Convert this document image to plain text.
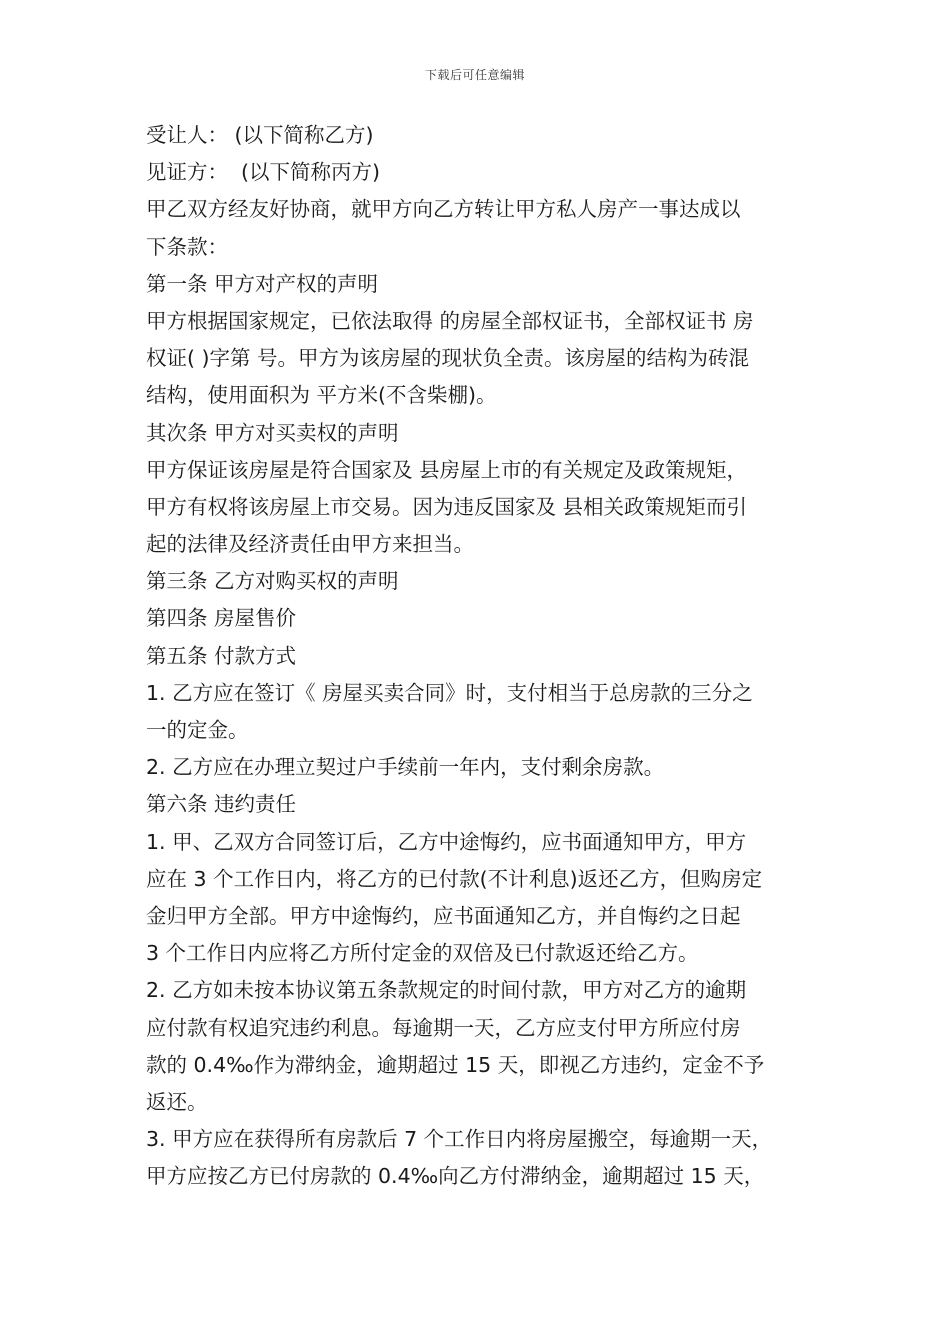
下载后可任意编辑
受让人： (以下简称乙方)
见证方：  (以下简称丙方)
甲乙双方经友好协商，就甲方向乙方转让甲方私人房产一事达成以
下条款：
第一条 甲方对产权的声明
甲方根据国家规定，已依法取得 的房屋全部权证书，全部权证书 房
权证( )字第 号。甲方为该房屋的现状负全责。该房屋的结构为砖混
结构，使用面积为 平方米(不含柴棚)。
其次条 甲方对买卖权的声明
甲方保证该房屋是符合国家及 县房屋上市的有关规定及政策规矩，
甲方有权将该房屋上市交易。因为违反国家及 县相关政策规矩而引
起的法律及经济责任由甲方来担当。
第三条 乙方对购买权的声明
第四条 房屋售价
第五条 付款方式
1. 乙方应在签订《 房屋买卖合同》时，支付相当于总房款的三分之
一的定金。
2. 乙方应在办理立契过户手续前一年内，支付剩余房款。
第六条 违约责任
1. 甲、乙双方合同签订后，乙方中途悔约，应书面通知甲方，甲方
应在 3 个工作日内，将乙方的已付款(不计利息)返还乙方，但购房定
金归甲方全部。甲方中途悔约，应书面通知乙方，并自悔约之日起
3 个工作日内应将乙方所付定金的双倍及已付款返还给乙方。
2. 乙方如未按本协议第五条款规定的时间付款，甲方对乙方的逾期
应付款有权追究违约利息。每逾期一天，乙方应支付甲方所应付房
款的 0.4‰作为滞纳金，逾期超过 15 天，即视乙方违约，定金不予
返还。
3. 甲方应在获得所有房款后 7 个工作日内将房屋搬空，每逾期一天，
甲方应按乙方已付房款的 0.4‰向乙方付滞纳金，逾期超过 15 天，
